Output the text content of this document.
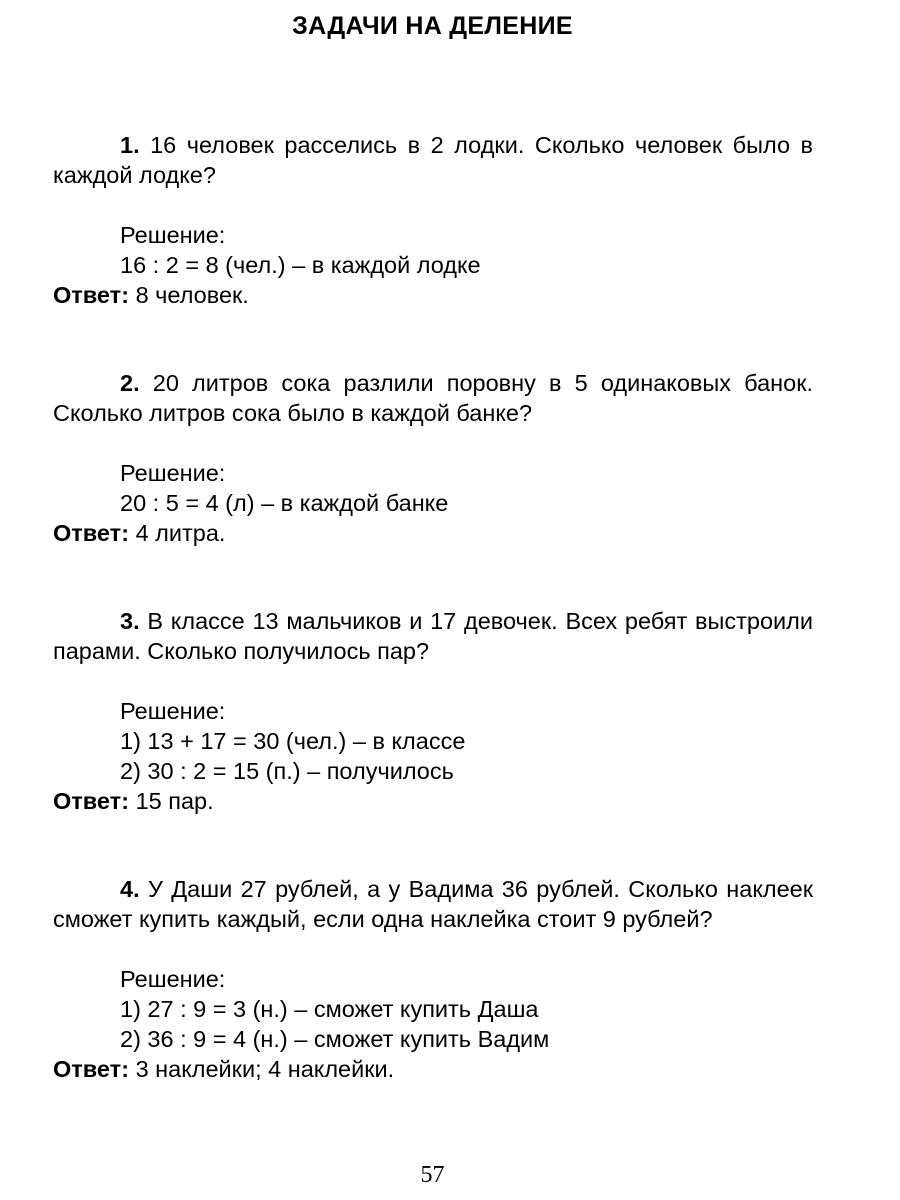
ЗАДАЧИ НА ДЕЛЕНИЕ

1. 16 человек расселись в 2 лодки. Сколько человек было в каждой лодке?

Решение:
16 : 2 = 8 (чел.) – в каждой лодке
Ответ: 8 человек.

2. 20 литров сока разлили поровну в 5 одинаковых банок. Сколько литров сока было в каждой банке?

Решение:
20 : 5 = 4 (л) – в каждой банке
Ответ: 4 литра.

3. В классе 13 мальчиков и 17 девочек. Всех ребят выстроили парами. Сколько получилось пар?

Решение:
1) 13 + 17 = 30 (чел.) – в классе
2) 30 : 2 = 15 (п.) – получилось
Ответ: 15 пар.

4. У Даши 27 рублей, а у Вадима 36 рублей. Сколько наклеек сможет купить каждый, если одна наклейка стоит 9 рублей?

Решение:
1) 27 : 9 = 3 (н.) – сможет купить Даша
2) 36 : 9 = 4 (н.) – сможет купить Вадим
Ответ: 3 наклейки; 4 наклейки.
57
